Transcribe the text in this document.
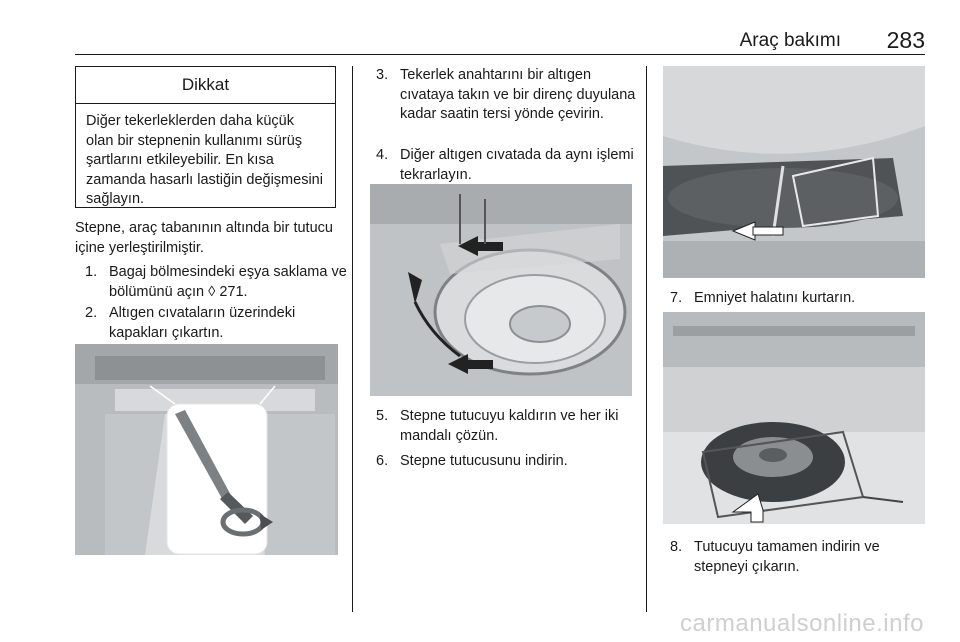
Araç bakımı 283
Dikkat
Diğer tekerleklerden daha küçük olan bir stepnenin kullanımı sürüş şartlarını etkileyebilir. En kısa zamanda hasarlı lastiğin değişmesini sağlayın.
Stepne, araç tabanının altında bir tutucu içine yerleştirilmiştir.
1. Bagaj bölmesindeki eşya saklama ve bölümünü açın ◊ 271.
2. Altıgen cıvataların üzerindeki kapakları çıkartın.
3. Tekerlek anahtarını bir altıgen cıvataya takın ve bir direnç duyulana kadar saatin tersi yönde çevirin.
4. Diğer altıgen cıvatada da aynı işlemi tekrarlayın.
5. Stepne tutucuyu kaldırın ve her iki mandalı çözün.
6. Stepne tutucusunu indirin.
7. Emniyet halatını kurtarın.
8. Tutucuyu tamamen indirin ve stepneyi çıkarın.
carmanualsonline.info
